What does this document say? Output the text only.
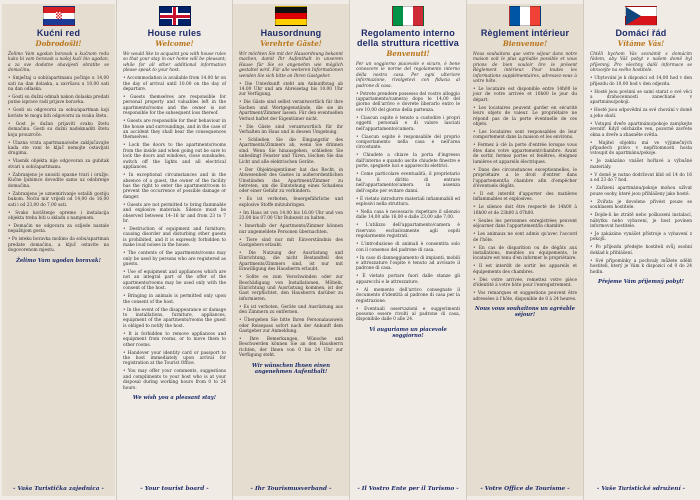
Kućni red
Dobrodošli!

Želimo Vam ugodan boravak u kućnom redu kako bi vam boravak u našoj kući bio ugodan, a za sve dodatne obavijesti obratite se domaćinu.

• Smještaj u sobi/apartmanu počinje u 14,00 sati na dan dolaska, a završava u 10,00 sati na dan odlaska.

• Gosti su dužni odmah nakon dolaska predati putne isprave radi prijave boravka.

• Gosti su odgovorni za sobu/apartman koji koriste te mogu biti odgovorni za svaku štetu.

• Gost je dužan prijaviti svaku štetu domaćinu. Gosti su dužni nadoknaditi štetu koju prouzroče.

• Ulazna vrata apartmana/sobe zaključavajte kada ste vani te ključ nemojte ostavljati drugima.

• Vlasnik objekta nije odgovoran za gubitak stvari u sobi/apartmanu.

• Zabranjeno je unositi opasne tvari i oružje. Kućne ljubimce dovodite samo uz odobrenje domaćina.

• Zabranjeno je uznemirivanje ostalih gostiju bukom. Noćni mir vrijedi od 14,00 do 16,00 sati i od 23,00 do 7,00 sati.

• Svako korištenje opreme i instalacija objekta treba biti u skladu s namjenom.

• Domaćin ne odgovara za ozljede nastale nepažnjom gosta.

• Po isteku boravka molimo da sobu/apartman predate domaćinu, a ključ ostavite na dogovorenom mjestu.

Želimo Vam ugodan boravak!
- Vaša Turistička zajednica -
House rules
Welcome!

We would like to acquaint you with house rules so that your stay in our home will be pleasant; while for all other additional information please speak to your host.

• Accommodation is available from 14.00 hr on the day of arrival until 10.00 on the day of departure.

• Guests themselves are responsible for personal property and valuables left in the apartments/rooms and the owner is not responsible for the subsequent loss thereof.

• Guests are responsible for their behaviour in the house and surroundings, and in the case of an accident they shall bear the consequences themselves.

• Lock the doors to the apartments/rooms from the inside and when going out be sure to lock the doors and windows, close sunshades, switch off the lights and all electrical appliances.

• In exceptional circumstances and in the absence of a guest, the owner of the facility has the right to enter the apartment/room to prevent the occurrence of possible damage or danger.

• Guests are not permitted to bring flammable and explosive materials. Silence must be observed between 14–16 hr and from 23 to 7 hr.

• Destruction of equipment and furniture, causing disorder and disturbing other guests is prohibited, and it is expressly forbidden to make loud noises in the house.

• The contents of the apartments/rooms may only be used by persons who are registered as guests.

• Use of equipment and appliances which are not an integral part of the offer of the apartments/rooms may be used only with the consent of the host.

• Bringing in animals is permitted only upon the consent of the host.

• In the event of the disappearance or damage to installations, furniture, appliances, equipment of the apartments/rooms the guest is obliged to notify the host.

• It is forbidden to remove appliances and equipment from rooms, or to move them to other rooms.

• Handover your identity card or passport to the host immediately upon arrival for registration at the Tourist Office.

• You may offer your comments, suggestions and compliments to your host who is at your disposal during working hours from 0 to 24 hours.

We wish you a pleasant stay!
- Your tourist board -
Hausordnung
Verehrte Gäste!

Wir möchten Sie mit der Hausordnung bekannt machen, damit Ihr Aufenthalt in unserem Hause für Sie so angenehm wie möglich gestaltet wird. Für alle weiteren Informationen wenden Sie sich bitte an Ihren Gastgeber.

• Die Unterkunft steht am Ankunftstag ab 14.00 Uhr und am Abreisetag bis 10.00 Uhr zur Verfügung.

• Die Gäste sind selbst verantwortlich für ihre Sachen und Wertgegenstände, die sie im Apartment/Zimmer lassen. Für den eventuellen Verlust haftet der Eigentümer nicht.

• Die Gäste sind verantwortlich für ihr Verhalten im Haus und in dessen Umgebung.

• Schließen Sie die Eingangstür des Apartments/Zimmers ab, wenn Sie drinnen sind. Wenn Sie hinausgehen, schließen Sie unbedingt Fenster und Türen, löschen Sie das Licht und alle elektrischen Geräte.

• Der Objekteigentümer hat das Recht, in Abwesenheit des Gastes in außerordentlichen Umständen das Apartment/Zimmer zu betreten, um die Entstehung eines Schadens oder einer Gefahr zu verhindern.

• Es ist verboten, feuergefährliche und explosive Stoffe mitzubringen.

• Im Haus ist von 14.00 bis 16.00 Uhr und von 23.00 bis 07.00 Uhr Ruhezeit zu halten.

• Innerhalb der Apartments/Zimmer können nur angemeldete Personen übernachten.

• Tiere sind nur mit Einverständnis des Gastgebers erlaubt.

• Die Nutzung der Ausrüstung und Einrichtung, die nicht Bestandteil des Apartments/Zimmers sind, ist nur mit Einwilligung des Hausherrn erlaubt.

• Sollte es zum Verschwinden oder zur Beschädigung von Installationen, Möbeln, Einrichtung und Ausrüstung kommen, ist der Gast verpflichtet, den Hausherrn darüber zu informieren.

• Es ist verboten, Geräte und Ausrüstung aus den Zimmern zu entfernen.

• Übergeben Sie bitte Ihren Personalausweis oder Reisepass sofort nach der Ankunft dem Gastgeber zur Anmeldung.

• Ihre Bemerkungen, Wünsche und Beschwerden können Sie an den Hausherrn richten, der Ihnen von 0 bis 24 Uhr zur Verfügung steht.

Wir wünschen Ihnen einen angenehmen Aufenthalt!
- Ihr Tourismusverband -
Regolamento interno della struttura ricettiva
Benvenuti!

Per un soggiorno piacevole e sicuro, è bene conoscere le norme del regolamento interno della nostra casa. Per ogni ulteriore informazione, rivolgetevi con fiducia al padrone di casa.

• Potrete prendere possesso del vostro alloggio (appartamento/camera) dopo le 14,00 del giorno dell'arrivo e dovrete liberarlo entro le ore 10,00 del giorno della partenza.

• Ciascun ospite è tenuto a custodire i propri oggetti personali e di valore lasciati nell'appartamento/camera.

• Ciascun ospite è responsabile del proprio comportamento nella casa e nell'area circostante.

• Chiudete a chiave la porta d'ingresso dall'interno e quando uscite chiudete finestre e porte, spegnete luci e apparecchi elettrici.

• Come particolare eventualità, il proprietario ha il diritto di entrare nell'appartamento/camera in assenza dell'ospite per evitare danni.

• È vietato introdurre materiali infiammabili ed esplosivi nella struttura.

• Nella casa è necessario rispettare il silenzio dalle 14,00 alle 16,00 e dalle 23,00 alle 7,00.

• L'utilizzo dell'appartamento/camera è riservato esclusivamente agli ospiti regolarmente registrati.

• L'introduzione di animali è consentita solo con il consenso del padrone di casa.

• In caso di danneggiamento di impianti, mobili e attrezzature l'ospite è tenuto ad avvisare il padrone di casa.

• È vietato portare fuori dalle stanze gli apparecchi e le attrezzature.

• Al momento dell'arrivo consegnate il documento d'identità al padrone di casa per la registrazione.

• Eventuali osservazioni e suggerimenti possono essere rivolti al padrone di casa, disponibile dalle 0 alle 24.

Vi auguriamo un piacevole soggiorno!
- Il Vostro Ente per il Turismo -
Règlement intérieur
Bienvenue!

Nous souhaitons que votre séjour dans notre maison soit le plus agréable possible et vous prions de bien vouloir lire le présent Règlement intérieur. Pour toutes les informations supplémentaires, adressez-vous à votre hôte.

• Le locataire est disponible entre 14h00 le jour de votre arrivée et 10h00 le jour du départ.

• Les locataires peuvent garder en sécurité leurs objets de valeur. Le propriétaire ne répond pas de la perte éventuelle de ces objets.

• Les locataires sont responsables de leur comportement dans la maison et les environs.

• Fermez à clé la porte d'entrée lorsque vous êtes dans votre appartement/chambre. Avant de sortir, fermez portes et fenêtres, éteignez lumières et appareils électriques.

• Dans des circonstances exceptionnelles, le propriétaire a le droit d'entrer dans l'appartement/la chambre afin d'empêcher d'éventuels dégâts.

• Il est interdit d'apporter des matières inflammables et explosives.

• Le silence doit être respecté de 14h00 à 16h00 et de 23h00 à 07h00.

• Seules les personnes enregistrées peuvent séjourner dans l'appartement/la chambre.

• Les animaux ne sont admis qu'avec l'accord de l'hôte.

• En cas de disparition ou de dégâts aux installations, meubles ou équipements, le locataire est tenu d'en informer le propriétaire.

• Il est interdit de sortir les appareils et équipements des chambres.

• Dès votre arrivée, remettez votre pièce d'identité à votre hôte pour l'enregistrement.

• Vos remarques et suggestions peuvent être adressées à l'hôte, disponible de 0 à 24 heures.

Nous vous souhaitons un agréable séjour!
- Votre Office de Tourisme -
Domácí řád
Vítáme Vás!

Chtěli bychom Vás seznámit s domácím řádem, aby Váš pobyt v našem domě byl příjemný. Pro všechny další informace se obracejte na svého hostitele.

• Ubytování je k dispozici od 14,00 hod v den příjezdu do 10,00 hod v den odjezdu.

• Hosté jsou povinni se samí starat o své věci a drahocennosti zanechané v apartmánu/pokoji.

• Hosté jsou odpovědní za své chování v domě a jeho okolí.

• Vstupní dveře apartmánu/pokoje zamykejte zevnitř. Když odcházíte ven, pozorně zavřete okna a dveře a zhasněte světla.

• Majitel objektu má ve výjimečných případech právo v nepřítomnosti hosta vstoupit do apartmánu/pokoje.

• Je zakázáno vnášet hořlavé a výbušné materiály.

• V domě je nutno dodržovat klid od 14 do 16 a od 23 do 7 hod.

• Zařízení apartmánu/pokoje mohou užívat pouze osoby, které jsou přihlášeny jako hosté.

• Zvířata je dovoleno přivést pouze se souhlasem hostitele.

• Dojde-li ke ztrátě nebo poškození instalací, nábytku nebo vybavení, je host povinen informovat hostitele.

• Je zakázáno vynášet přístroje a vybavení z pokojů.

• Po příjezdu předejte hostiteli svůj osobní doklad k přihlášení.

• Své připomínky a pochvaly můžete sdělit hostiteli, který je Vám k dispozici od 0 do 24 hodin.

Přejeme Vám příjemný pobyt!
- Vaše Turistické sdružení -
